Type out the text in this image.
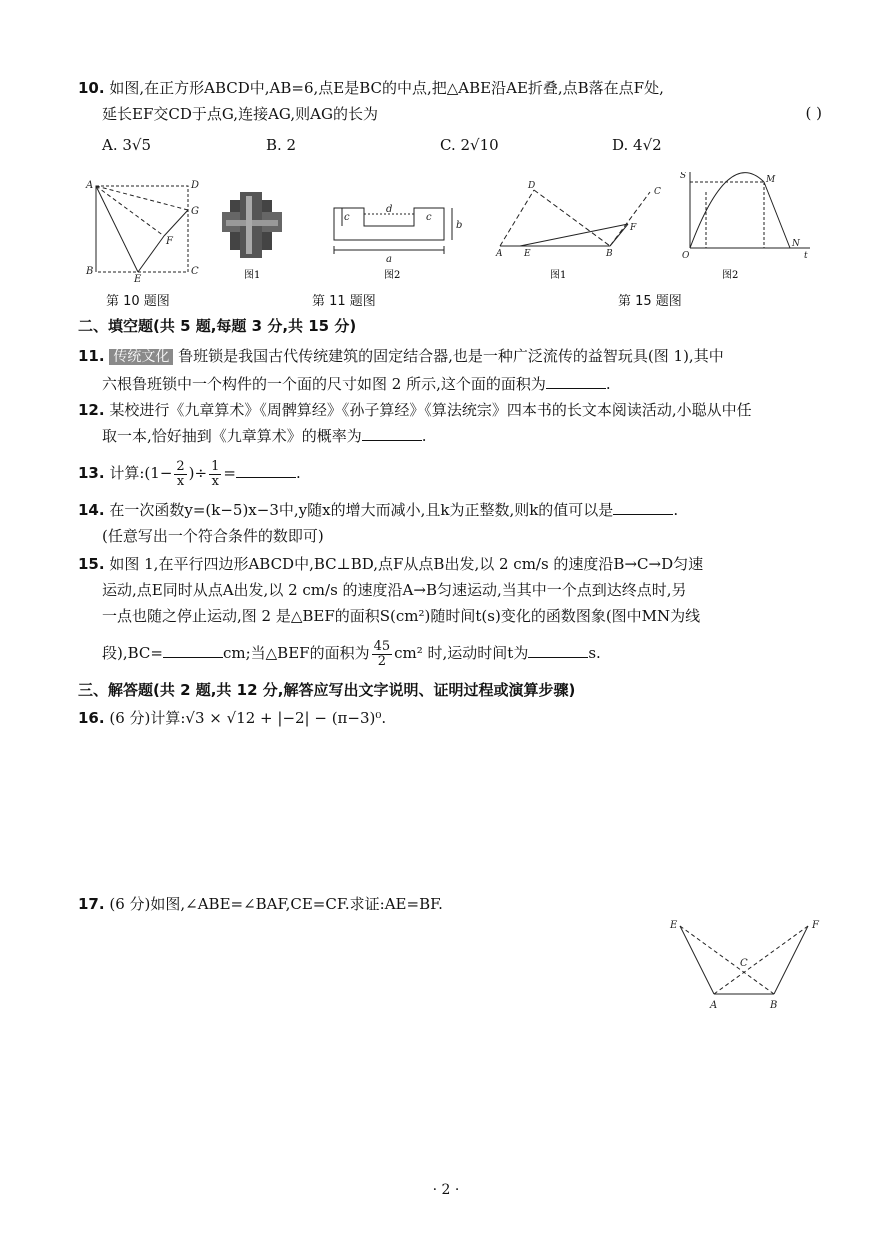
10. 如图,在正方形ABCD中,AB=6,点E是BC的中点,把△ABE沿AE折叠,点B落在点F处,
延长EF交CD于点G,连接AG,则AG的长为	( )
A. 3√5	B. 2	C. 2√10	D. 4√2
A	D
G
F
B
E
C	图1
c
d
c
b
a
图2
D
C
F
A E	B
图1
S	M
O
N
t
图2
第 10 题图	第 11 题图	第 15 题图
二、填空题(共 5 题,每题 3 分,共 15 分)
11. 传统文化 鲁班锁是我国古代传统建筑的固定结合器,也是一种广泛流传的益智玩具(图 1),其中
六根鲁班锁中一个构件的一个面的尺寸如图 2 所示,这个面的面积为	.
12. 某校进行《九章算术》《周髀算经》《孙子算经》《算法统宗》四本书的长文本阅读活动,小聪从中任
取一本,恰好抽到《九章算术》的概率为	.
13. 计算:(1− $\frac{2}{x}$ )÷ $\frac{1}{x}$ =	.
14. 在一次函数y=(k−5)x−3中,y随x的增大而减小,且k为正整数,则k的值可以是	.
(任意写出一个符合条件的数即可)
15. 如图 1,在平行四边形ABCD中,BC⊥BD,点F从点B出发,以 2 cm/s 的速度沿B→C→D匀速
运动,点E同时从点A出发,以 2 cm/s 的速度沿A→B匀速运动,当其中一个点到达终点时,另
一点也随之停止运动,图 2 是△BEF的面积S(cm²)随时间t(s)变化的函数图象(图中MN为线
段),BC=	cm;当△BEF的面积为 $\frac{45}{2} cm^2$ 时,运动时间t为	s.
三、解答题(共 2 题,共 12 分,解答应写出文字说明、证明过程或演算步骤)
16. (6 分)计算:√3 × √12 + |−2| − (π−3)⁰.
17. (6 分)如图,∠ABE=∠BAF,CE=CF.求证:AE=BF.
E	F
C
A	B
· 2 ·
